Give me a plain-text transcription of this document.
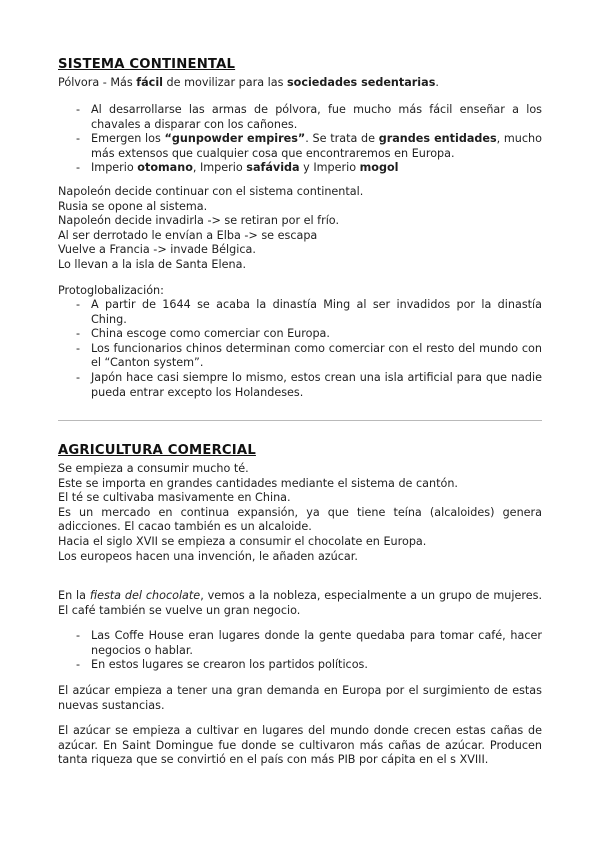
SISTEMA CONTINENTAL

Pólvora - Más fácil de movilizar para las sociedades sedentarias.

- Al desarrollarse las armas de pólvora, fue mucho más fácil enseñar a los chavales a disparar con los cañones.
- Emergen los “gunpowder empires”. Se trata de grandes entidades, mucho más extensos que cualquier cosa que encontraremos en Europa.
- Imperio otomano, Imperio safávida y Imperio mogol
Napoleón decide continuar con el sistema continental.
Rusia se opone al sistema.
Napoleón decide invadirla -> se retiran por el frío.
Al ser derrotado le envían a Elba -> se escapa
Vuelve a Francia -> invade Bélgica.
Lo llevan a la isla de Santa Elena.

Protoglobalización:

- A partir de 1644 se acaba la dinastía Ming al ser invadidos por la dinastía Ching.
- China escoge como comerciar con Europa.
- Los funcionarios chinos determinan como comerciar con el resto del mundo con el “Canton system”.
- Japón hace casi siempre lo mismo, estos crean una isla artificial para que nadie pueda entrar excepto los Holandeses.
AGRICULTURA COMERCIAL
Se empieza a consumir mucho té.
Este se importa en grandes cantidades mediante el sistema de cantón.
El té se cultivaba masivamente en China.
Es un mercado en continua expansión, ya que tiene teína (alcaloides) genera adicciones. El cacao también es un alcaloide.
Hacia el siglo XVII se empieza a consumir el chocolate en Europa.
Los europeos hacen una invención, le añaden azúcar.

En la fiesta del chocolate, vemos a la nobleza, especialmente a un grupo de mujeres. El café también se vuelve un gran negocio.

- Las Coffe House eran lugares donde la gente quedaba para tomar café, hacer negocios o hablar.
- En estos lugares se crearon los partidos políticos.

El azúcar empieza a tener una gran demanda en Europa por el surgimiento de estas nuevas sustancias.

El azúcar se empieza a cultivar en lugares del mundo donde crecen estas cañas de azúcar. En Saint Domingue fue donde se cultivaron más cañas de azúcar. Producen tanta riqueza que se convirtió en el país con más PIB por cápita en el s XVIII.
